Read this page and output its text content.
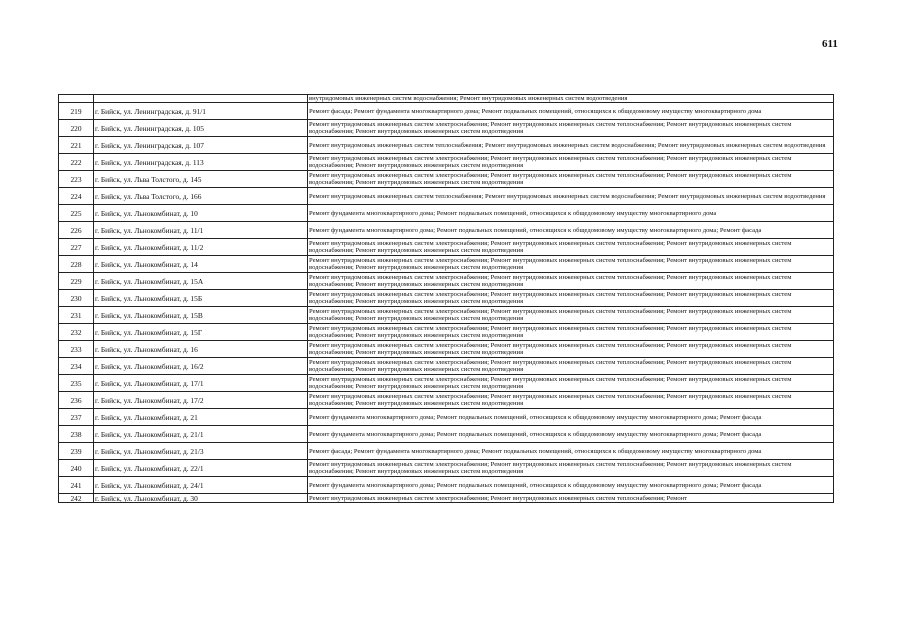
611
		внутридомовых инженерных систем водоснабжения; Ремонт внутридомовых инженерных систем водоотведения
219	г. Бийск, ул. Ленинградская, д. 91/1	Ремонт фасада; Ремонт фундамента многоквартирного дома; Ремонт подвальных помещений, относящихся к общедомовому имуществу многоквартирного дома
220	г. Бийск, ул. Ленинградская, д. 105	Ремонт внутридомовых инженерных систем электроснабжения; Ремонт внутридомовых инженерных систем теплоснабжения; Ремонт внутридомовых инженерных систем водоснабжения; Ремонт внутридомовых инженерных систем водоотведения
221	г. Бийск, ул. Ленинградская, д. 107	Ремонт внутридомовых инженерных систем теплоснабжения; Ремонт внутридомовых инженерных систем водоснабжения; Ремонт внутридомовых инженерных систем водоотведения
222	г. Бийск, ул. Ленинградская, д. 113	Ремонт внутридомовых инженерных систем электроснабжения; Ремонт внутридомовых инженерных систем теплоснабжения; Ремонт внутридомовых инженерных систем водоснабжения; Ремонт внутридомовых инженерных систем водоотведения
223	г. Бийск, ул. Льва Толстого, д. 145	Ремонт внутридомовых инженерных систем электроснабжения; Ремонт внутридомовых инженерных систем теплоснабжения; Ремонт внутридомовых инженерных систем водоснабжения; Ремонт внутридомовых инженерных систем водоотведения
224	г. Бийск, ул. Льва Толстого, д. 166	Ремонт внутридомовых инженерных систем теплоснабжения; Ремонт внутридомовых инженерных систем водоснабжения; Ремонт внутридомовых инженерных систем водоотведения
225	г. Бийск, ул. Льнокомбинат, д. 10	Ремонт фундамента многоквартирного дома; Ремонт подвальных помещений, относящихся к общедомовому имуществу многоквартирного дома
226	г. Бийск, ул. Льнокомбинат, д. 11/1	Ремонт фундамента многоквартирного дома; Ремонт подвальных помещений, относящихся к общедомовому имуществу многоквартирного дома; Ремонт фасада
227	г. Бийск, ул. Льнокомбинат, д. 11/2	Ремонт внутридомовых инженерных систем электроснабжения; Ремонт внутридомовых инженерных систем теплоснабжения; Ремонт внутридомовых инженерных систем водоснабжения; Ремонт внутридомовых инженерных систем водоотведения
228	г. Бийск, ул. Льнокомбинат, д. 14	Ремонт внутридомовых инженерных систем электроснабжения; Ремонт внутридомовых инженерных систем теплоснабжения; Ремонт внутридомовых инженерных систем водоснабжения; Ремонт внутридомовых инженерных систем водоотведения
229	г. Бийск, ул. Льнокомбинат, д. 15А	Ремонт внутридомовых инженерных систем электроснабжения; Ремонт внутридомовых инженерных систем теплоснабжения; Ремонт внутридомовых инженерных систем водоснабжения; Ремонт внутридомовых инженерных систем водоотведения
230	г. Бийск, ул. Льнокомбинат, д. 15Б	Ремонт внутридомовых инженерных систем электроснабжения; Ремонт внутридомовых инженерных систем теплоснабжения; Ремонт внутридомовых инженерных систем водоснабжения; Ремонт внутридомовых инженерных систем водоотведения
231	г. Бийск, ул. Льнокомбинат, д. 15В	Ремонт внутридомовых инженерных систем электроснабжения; Ремонт внутридомовых инженерных систем теплоснабжения; Ремонт внутридомовых инженерных систем водоснабжения; Ремонт внутридомовых инженерных систем водоотведения
232	г. Бийск, ул. Льнокомбинат, д. 15Г	Ремонт внутридомовых инженерных систем электроснабжения; Ремонт внутридомовых инженерных систем теплоснабжения; Ремонт внутридомовых инженерных систем водоснабжения; Ремонт внутридомовых инженерных систем водоотведения
233	г. Бийск, ул. Льнокомбинат, д. 16	Ремонт внутридомовых инженерных систем электроснабжения; Ремонт внутридомовых инженерных систем теплоснабжения; Ремонт внутридомовых инженерных систем водоснабжения; Ремонт внутридомовых инженерных систем водоотведения
234	г. Бийск, ул. Льнокомбинат, д. 16/2	Ремонт внутридомовых инженерных систем электроснабжения; Ремонт внутридомовых инженерных систем теплоснабжения; Ремонт внутридомовых инженерных систем водоснабжения; Ремонт внутридомовых инженерных систем водоотведения
235	г. Бийск, ул. Льнокомбинат, д. 17/1	Ремонт внутридомовых инженерных систем электроснабжения; Ремонт внутридомовых инженерных систем теплоснабжения; Ремонт внутридомовых инженерных систем водоснабжения; Ремонт внутридомовых инженерных систем водоотведения
236	г. Бийск, ул. Льнокомбинат, д. 17/2	Ремонт внутридомовых инженерных систем электроснабжения; Ремонт внутридомовых инженерных систем теплоснабжения; Ремонт внутридомовых инженерных систем водоснабжения; Ремонт внутридомовых инженерных систем водоотведения
237	г. Бийск, ул. Льнокомбинат, д. 21	Ремонт фундамента многоквартирного дома; Ремонт подвальных помещений, относящихся к общедомовому имуществу многоквартирного дома; Ремонт фасада
238	г. Бийск, ул. Льнокомбинат, д. 21/1	Ремонт фундамента многоквартирного дома; Ремонт подвальных помещений, относящихся к общедомовому имуществу многоквартирного дома; Ремонт фасада
239	г. Бийск, ул. Льнокомбинат, д. 21/3	Ремонт фасада; Ремонт фундамента многоквартирного дома; Ремонт подвальных помещений, относящихся к общедомовому имуществу многоквартирного дома
240	г. Бийск, ул. Льнокомбинат, д. 22/1	Ремонт внутридомовых инженерных систем электроснабжения; Ремонт внутридомовых инженерных систем теплоснабжения; Ремонт внутридомовых инженерных систем водоснабжения; Ремонт внутридомовых инженерных систем водоотведения
241	г. Бийск, ул. Льнокомбинат, д. 24/1	Ремонт фундамента многоквартирного дома; Ремонт подвальных помещений, относящихся к общедомовому имуществу многоквартирного дома; Ремонт фасада
242	г. Бийск, ул. Льнокомбинат, д. 30	Ремонт внутридомовых инженерных систем электроснабжения; Ремонт внутридомовых инженерных систем теплоснабжения; Ремонт
